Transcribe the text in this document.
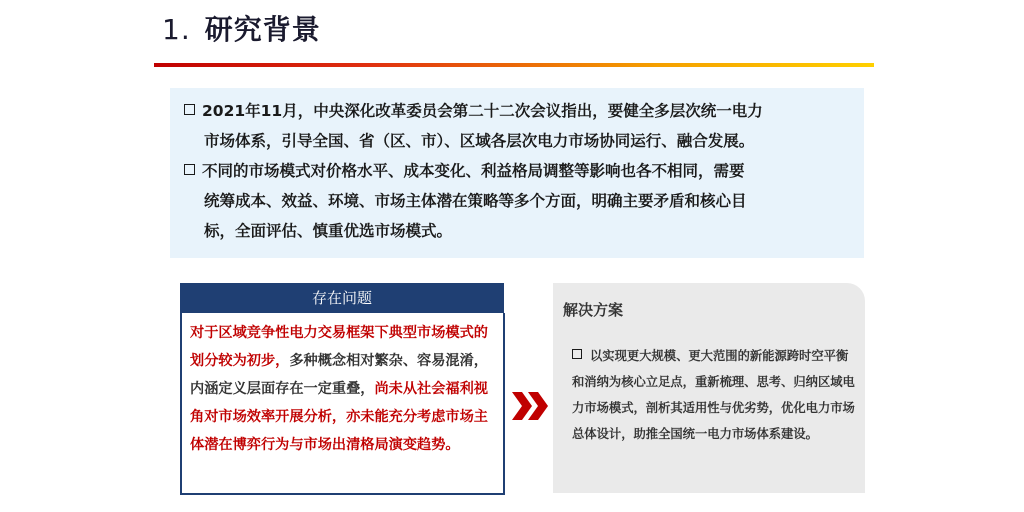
1. 研究背景
2021年11月，中央深化改革委员会第二十二次会议指出，要健全多层次统一电力
市场体系，引导全国、省（区、市）、区域各层次电力市场协同运行、融合发展。
不同的市场模式对价格水平、成本变化、利益格局调整等影响也各不相同，需要
统筹成本、效益、环境、市场主体潜在策略等多个方面，明确主要矛盾和核心目
标，全面评估、慎重优选市场模式。
存在问题
对于区域竞争性电力交易框架下典型市场模式的划分较为初步，多种概念相对繁杂、容易混淆，内涵定义层面存在一定重叠，尚未从社会福利视角对市场效率开展分析，亦未能充分考虑市场主体潜在博弈行为与市场出清格局演变趋势。
解决方案
以实现更大规模、更大范围的新能源跨时空平衡和消纳为核心立足点，重新梳理、思考、归纳区域电力市场模式，剖析其适用性与优劣势，优化电力市场总体设计，助推全国统一电力市场体系建设。
